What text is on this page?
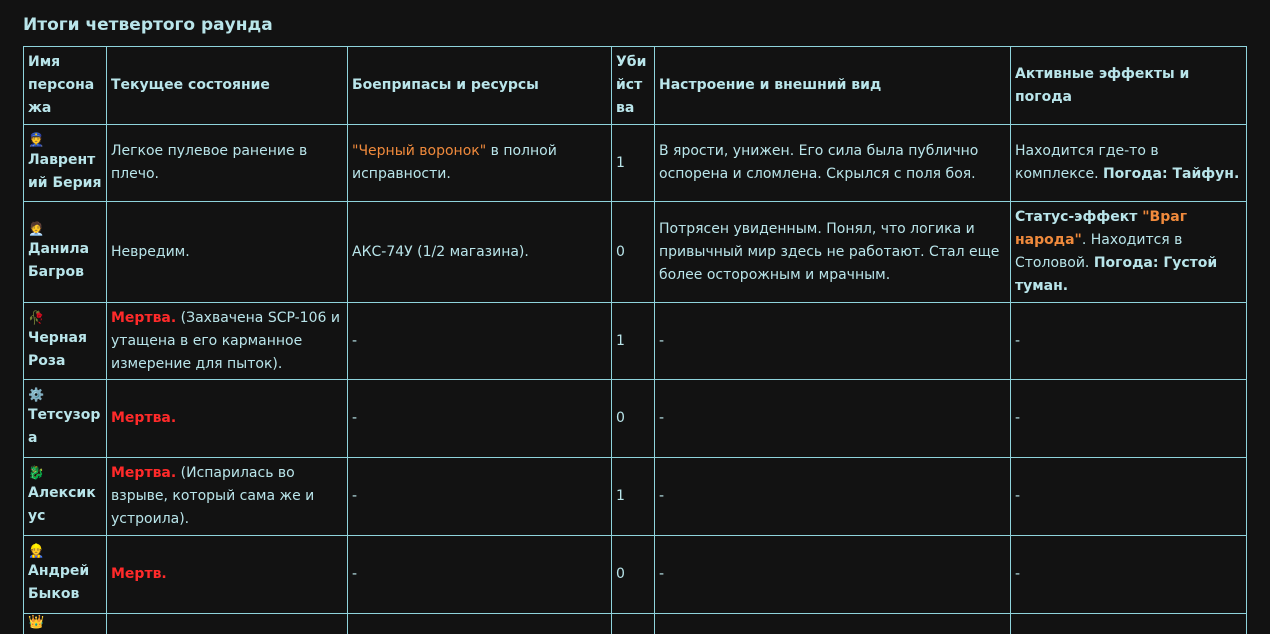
Итоги четвертого раунда
Имя персонажа	Текущее состояние	Боеприпасы и ресурсы	Убийства	Настроение и внешний вид	Активные эффекты и погода

👮
Лаврентий Берия	Легкое пулевое ранение в плечо.	"Черный воронок" в полной исправности.	1	В ярости, унижен. Его сила была публично оспорена и сломлена. Скрылся с поля боя.	Находится где-то в комплексе. Погода: Тайфун.

🧑‍💼
Данила Багров	Невредим.	АКС-74У (1/2 магазина).	0	Потрясен увиденным. Понял, что логика и привычный мир здесь не работают. Стал еще более осторожным и мрачным.	Статус-эффект "Враг народа". Находится в Столовой. Погода: Густой туман.

🥀
Черная Роза	Мертва. (Захвачена SCP-106 и утащена в его карманное измерение для пыток).	-	1	-	-

⚙️
Тетсузора	Мертва.	-	0	-	-

🐉
Алексикус	Мертва. (Испарилась во взрыве, который сама же и устроила).	-	1	-	-

👷
Андрей Быков	Мертв.	-	0	-	-

👑					
